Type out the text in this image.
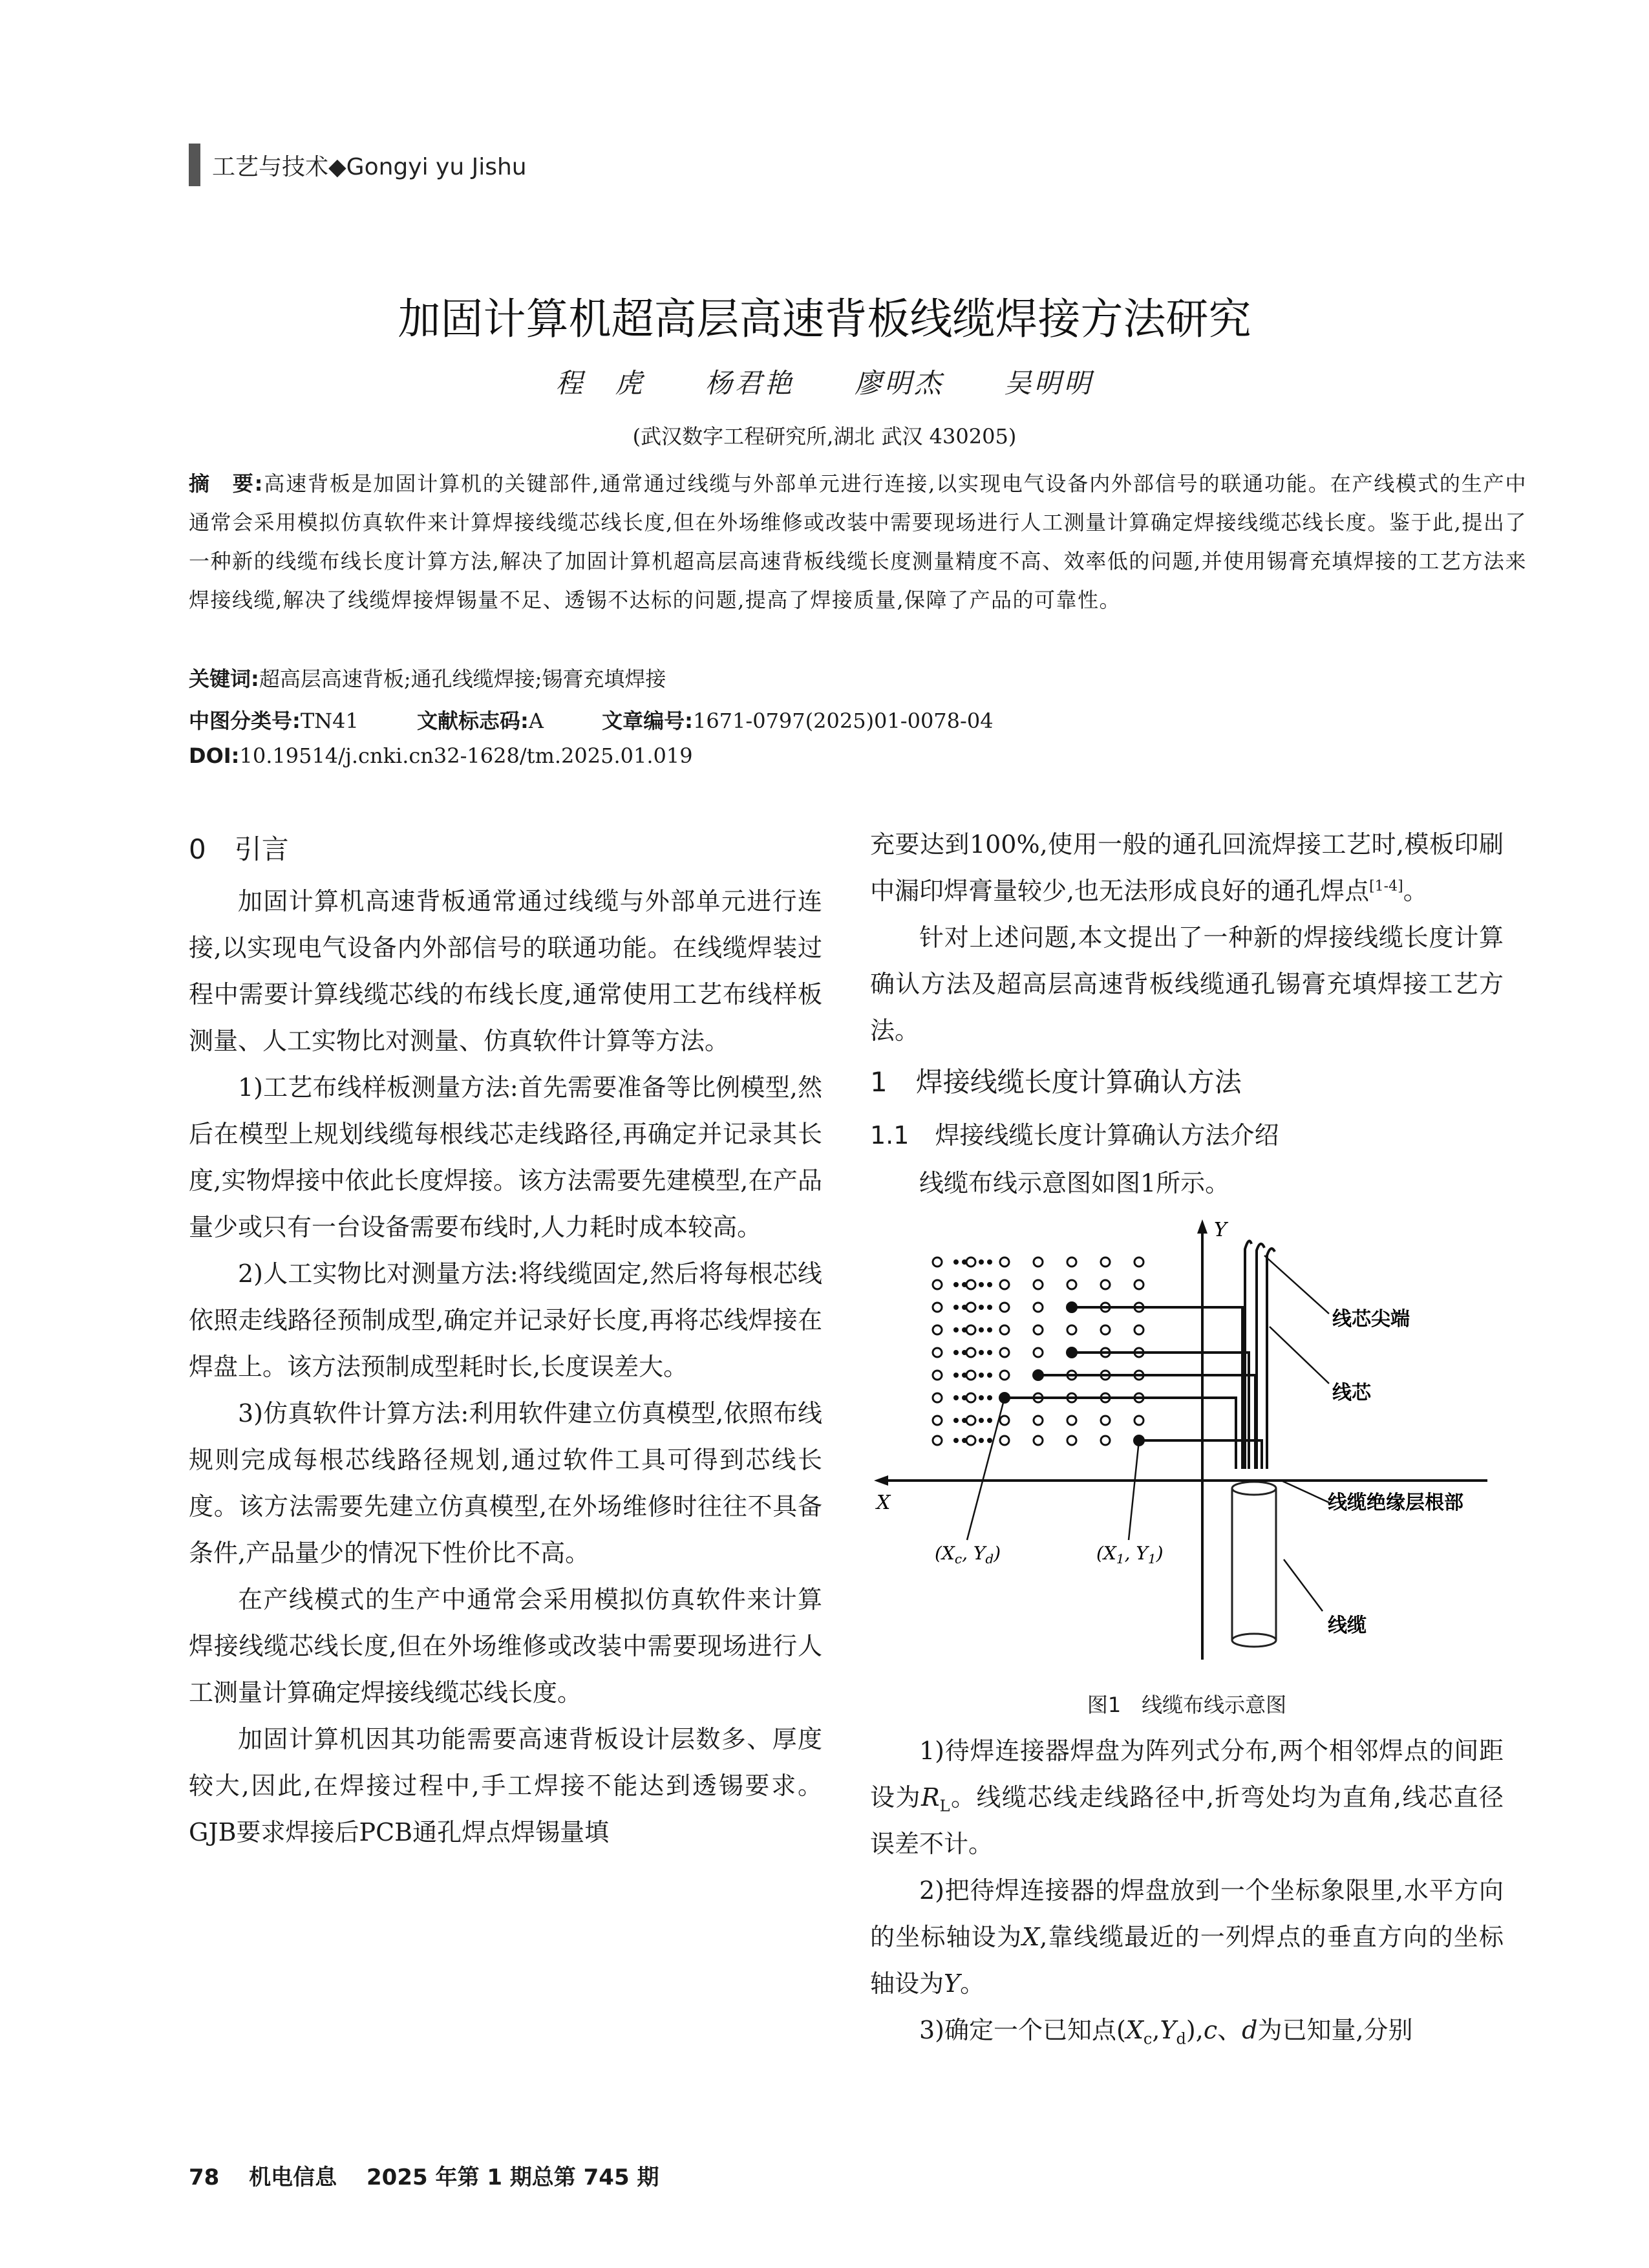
工艺与技术◆Gongyi yu Jishu
加固计算机超高层高速背板线缆焊接方法研究
程　虎 杨君艳 廖明杰 吴明明
(武汉数字工程研究所,湖北 武汉 430205)
摘　要:高速背板是加固计算机的关键部件,通常通过线缆与外部单元进行连接,以实现电气设备内外部信号的联通功能。在产线模式的生产中通常会采用模拟仿真软件来计算焊接线缆芯线长度,但在外场维修或改装中需要现场进行人工测量计算确定焊接线缆芯线长度。鉴于此,提出了一种新的线缆布线长度计算方法,解决了加固计算机超高层高速背板线缆长度测量精度不高、效率低的问题,并使用锡膏充填焊接的工艺方法来焊接线缆,解决了线缆焊接焊锡量不足、透锡不达标的问题,提高了焊接质量,保障了产品的可靠性。
关键词:超高层高速背板;通孔线缆焊接;锡膏充填焊接
中图分类号:TN41	文献标志码:A	文章编号:1671-0797(2025)01-0078-04
DOI:10.19514/j.cnki.cn32-1628/tm.2025.01.019
0 引言

加固计算机高速背板通常通过线缆与外部单元进行连接,以实现电气设备内外部信号的联通功能。在线缆焊装过程中需要计算线缆芯线的布线长度,通常使用工艺布线样板测量、人工实物比对测量、仿真软件计算等方法。

1)工艺布线样板测量方法:首先需要准备等比例模型,然后在模型上规划线缆每根线芯走线路径,再确定并记录其长度,实物焊接中依此长度焊接。该方法需要先建模型,在产品量少或只有一台设备需要布线时,人力耗时成本较高。

2)人工实物比对测量方法:将线缆固定,然后将每根芯线依照走线路径预制成型,确定并记录好长度,再将芯线焊接在焊盘上。该方法预制成型耗时长,长度误差大。

3)仿真软件计算方法:利用软件建立仿真模型,依照布线规则完成每根芯线路径规划,通过软件工具可得到芯线长度。该方法需要先建立仿真模型,在外场维修时往往不具备条件,产品量少的情况下性价比不高。

在产线模式的生产中通常会采用模拟仿真软件来计算焊接线缆芯线长度,但在外场维修或改装中需要现场进行人工测量计算确定焊接线缆芯线长度。

加固计算机因其功能需要高速背板设计层数多、厚度较大,因此,在焊接过程中,手工焊接不能达到透锡要求。GJB要求焊接后PCB通孔焊点焊锡量填

充要达到100%,使用一般的通孔回流焊接工艺时,模板印刷中漏印焊膏量较少,也无法形成良好的通孔焊点[1-4]。

针对上述问题,本文提出了一种新的焊接线缆长度计算确认方法及超高层高速背板线缆通孔锡膏充填焊接工艺方法。

1 焊接线缆长度计算确认方法
1.1 焊接线缆长度计算确认方法介绍

线缆布线示意图如图1所示。

Y
X
线芯尖端
线芯
线缆绝缘层根部
线缆
($X_c$, $Y_d$)	($X_1$, $Y_1$)
图1　线缆布线示意图

1)待焊连接器焊盘为阵列式分布,两个相邻焊点的间距设为$R_L$。线缆芯线走线路径中,折弯处均为直角,线芯直径误差不计。

2)把待焊连接器的焊盘放到一个坐标象限里,水平方向的坐标轴设为X,靠线缆最近的一列焊点的垂直方向的坐标轴设为Y。

3)确定一个已知点$(X_c,Y_d),c$、d为已知量,分别

78 机电信息 2025 年第 1 期总第 745 期
